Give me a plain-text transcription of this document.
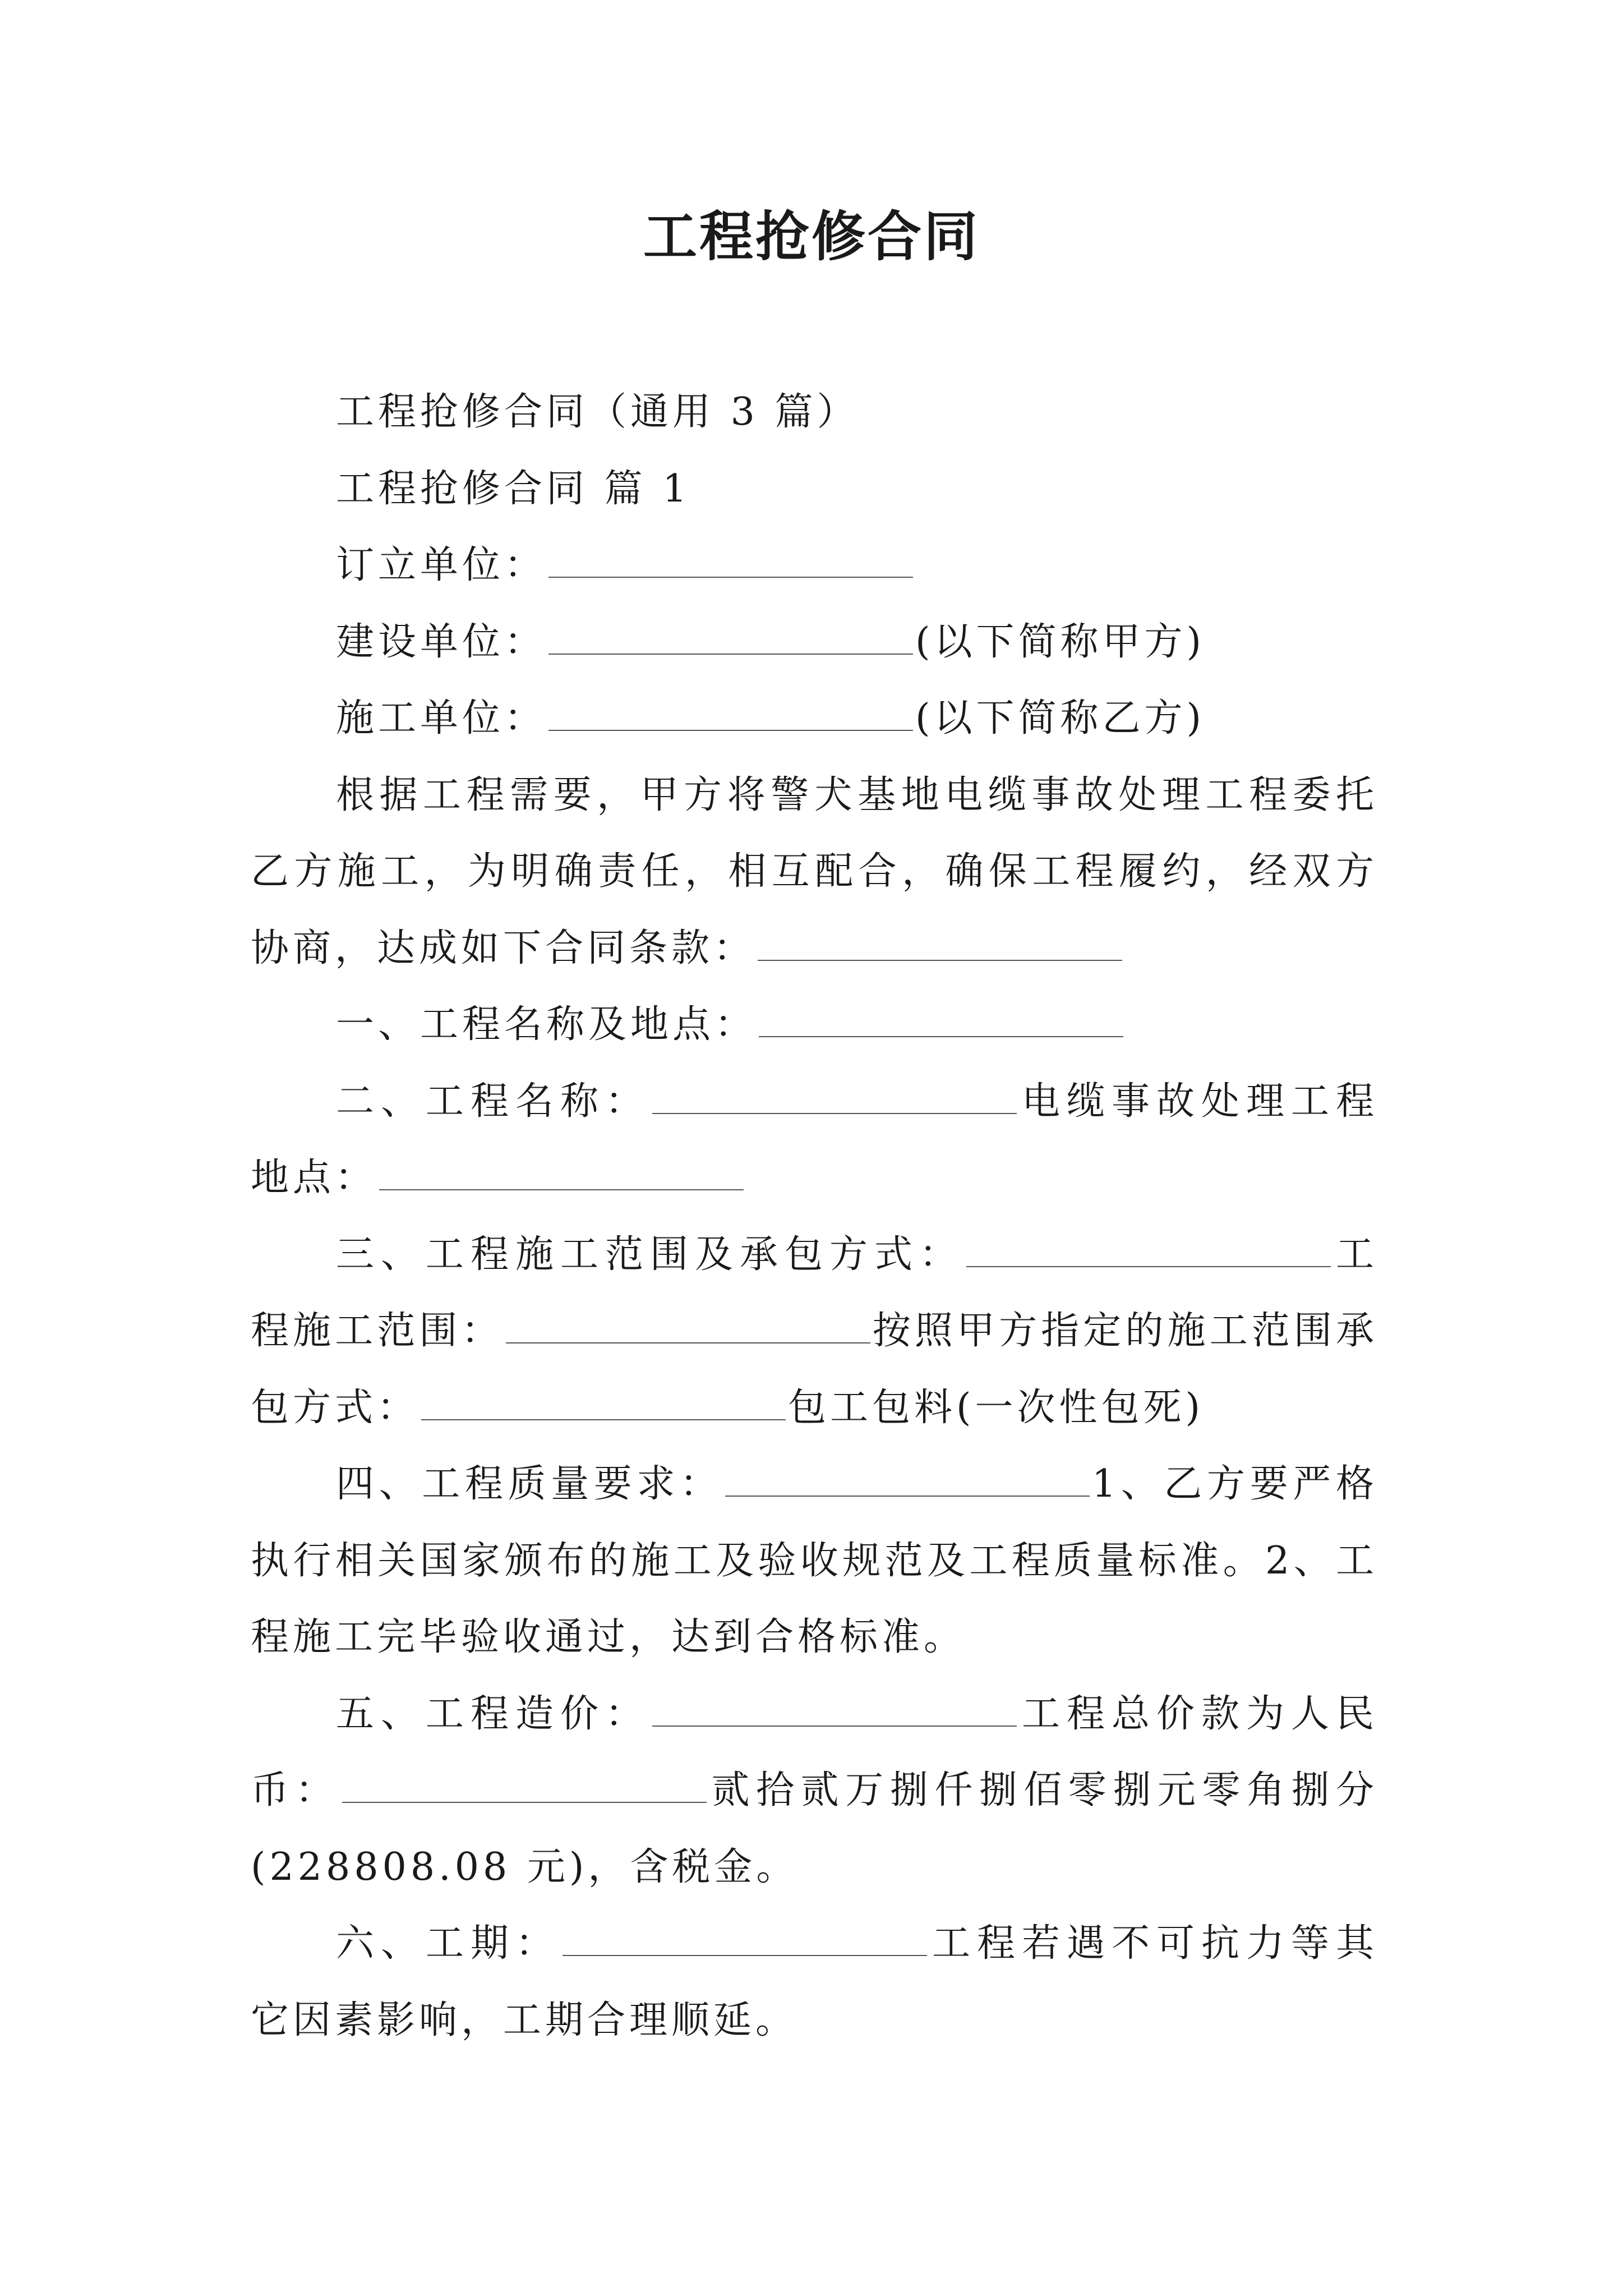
工程抢修合同

工程抢修合同（通用 3 篇）

工程抢修合同 篇 1

订立单位：

建设单位：	(以下简称甲方)

施工单位：	(以下简称乙方)

根据工程需要，甲方将警犬基地电缆事故处理工程委托乙方施工，为明确责任，相互配合，确保工程履约，经双方协商，达成如下合同条款：

一、工程名称及地点：

二、工程名称：	电缆事故处理工程地点：

三、工程施工范围及承包方式：	工程施工范围：	按照甲方指定的施工范围承包方式：	包工包料(一次性包死)

四、工程质量要求：	1、乙方要严格执行相关国家颁布的施工及验收规范及工程质量标准。2、工程施工完毕验收通过，达到合格标准。

五、工程造价：	工程总价款为人民币：	贰拾贰万捌仟捌佰零捌元零角捌分(228808.08 元)，含税金。

六、工期：	工程若遇不可抗力等其它因素影响，工期合理顺延。
